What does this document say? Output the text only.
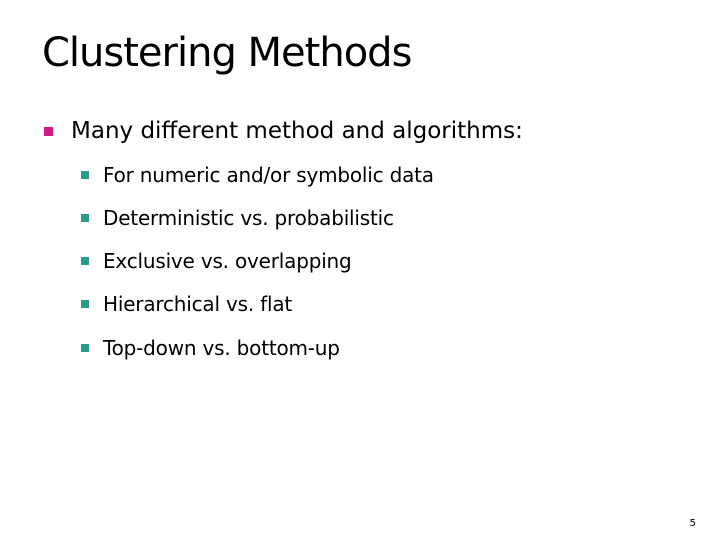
Clustering Methods
Many different method and algorithms:
For numeric and/or symbolic data
Deterministic vs. probabilistic
Exclusive vs. overlapping
Hierarchical vs. flat
Top-down vs. bottom-up
5
